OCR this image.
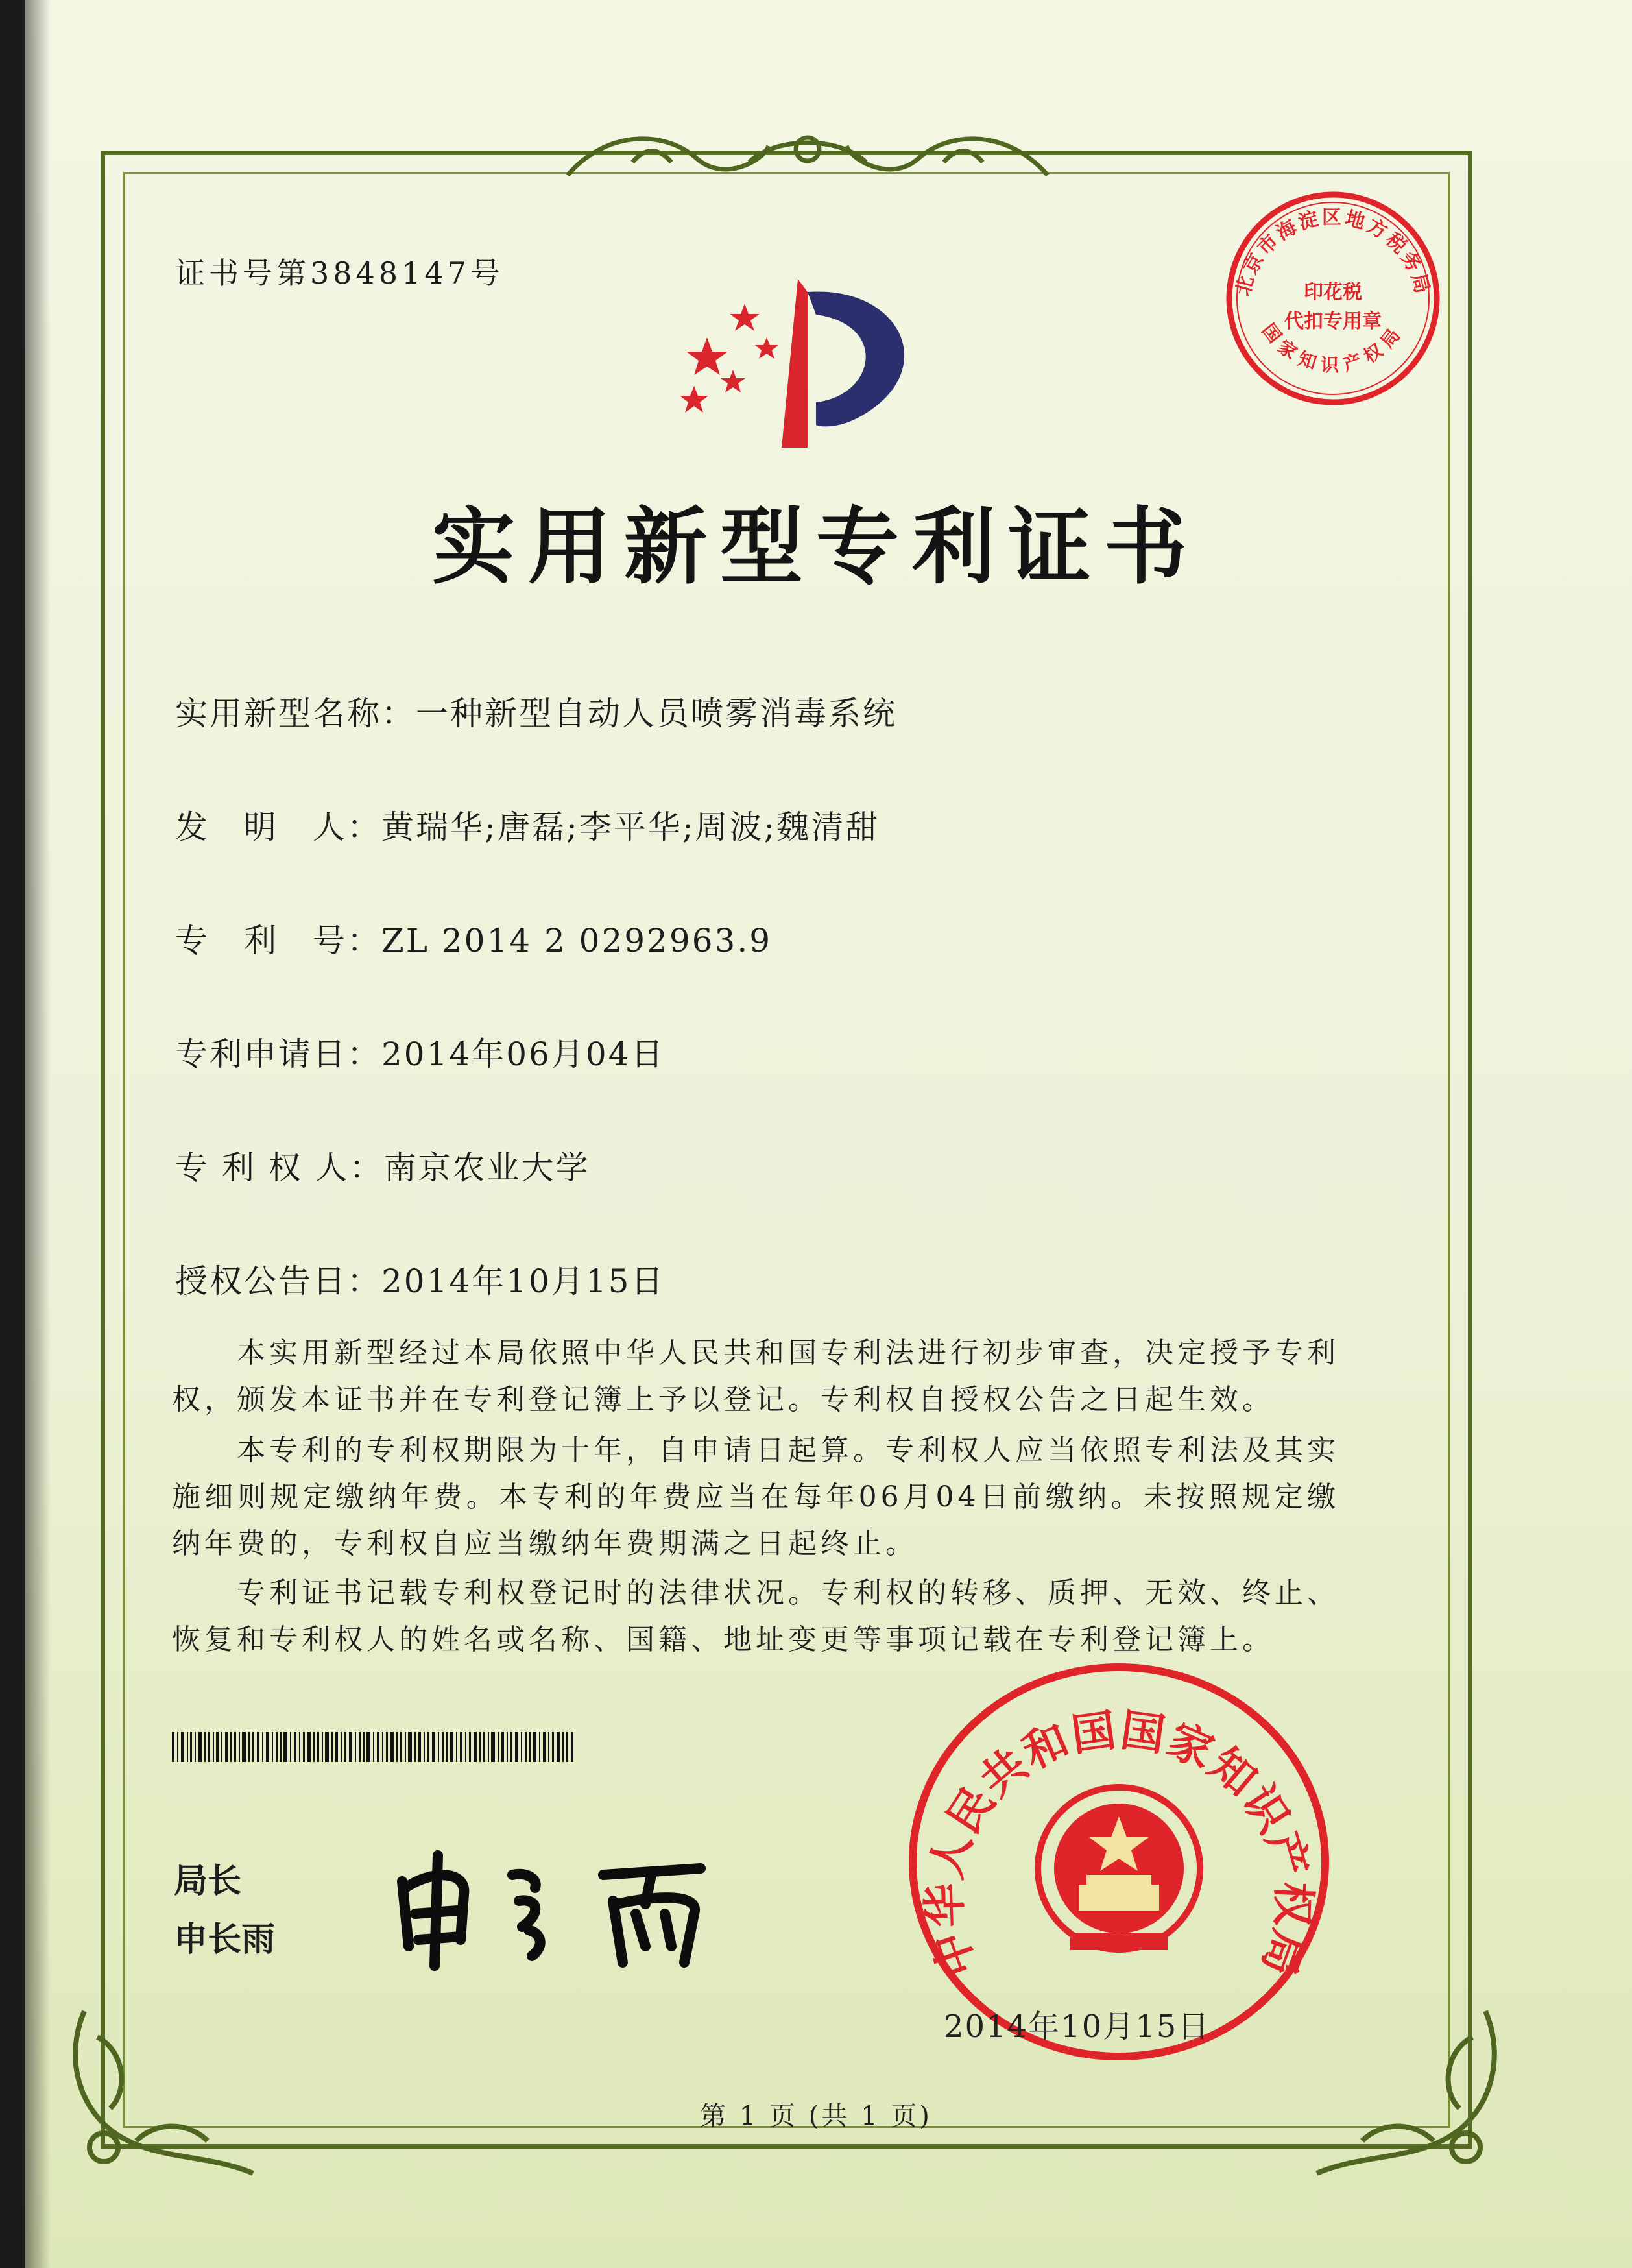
证书号第3848147号
实用新型专利证书
实用新型名称：一种新型自动人员喷雾消毒系统
发　明　人：黄瑞华;唐磊;李平华;周波;魏清甜
专　利　号：ZL 2014 2 0292963.9
专利申请日：2014年06月04日
专 利 权 人：南京农业大学
授权公告日：2014年10月15日
本实用新型经过本局依照中华人民共和国专利法进行初步审查，决定授予专利权，颁发本证书并在专利登记簿上予以登记。专利权自授权公告之日起生效。
本专利的专利权期限为十年，自申请日起算。专利权人应当依照专利法及其实施细则规定缴纳年费。本专利的年费应当在每年06月04日前缴纳。未按照规定缴纳年费的，专利权自应当缴纳年费期满之日起终止。
专利证书记载专利权登记时的法律状况。专利权的转移、质押、无效、终止、恢复和专利权人的姓名或名称、国籍、地址变更等事项记载在专利登记簿上。
局长
申长雨
北京市海淀区地方税务局
国家知识产权局
印花税
代扣专用章
中华人民共和国国家知识产权局
2014年10月15日
第 1 页 (共 1 页)
